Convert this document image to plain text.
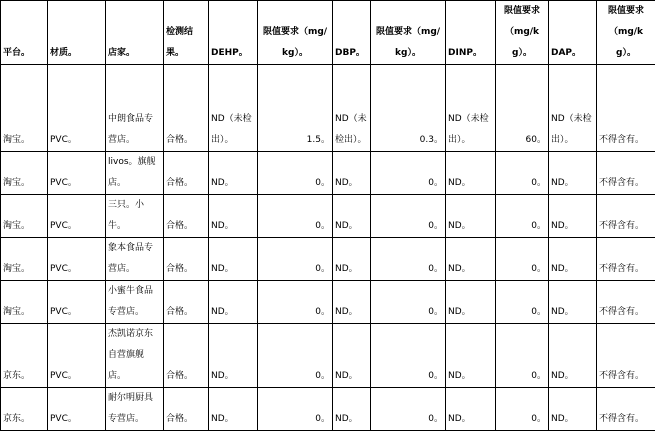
平台。	材质。	店家。	检测结果。	DEHP。	限值要求（mg/kg）。	DBP。	限值要求（mg/kg）。	DINP。	限值要求（mg/kg）。	DAP。	限值要求（mg/kg）。

淘宝。	PVC。	中朗食品专营店。	合格。	ND（未检出）。	1.5。	ND（未检出）。	0.3。	ND（未检出）。	60。	ND（未检出）。	不得含有。
淘宝。	PVC。	livos。旗舰店。	合格。	ND。	0。	ND。	0。	ND。	0。	ND。	不得含有。
淘宝。	PVC。	三只。小牛。	合格。	ND。	0。	ND。	0。	ND。	0。	ND。	不得含有。
淘宝。	PVC。	象本食品专营店。	合格。	ND。	0。	ND。	0。	ND。	0。	ND。	不得含有。
淘宝。	PVC。	小蜜牛食品专营店。	合格。	ND。	0。	ND。	0。	ND。	0。	ND。	不得含有。
京东。	PVC。	杰凯诺京东自营旗舰店。	合格。	ND。	0。	ND。	0。	ND。	0。	ND。	不得含有。
京东。	PVC。	耐尔明厨具专营店。	合格。	ND。	0。	ND。	0。	ND。	0。	ND。	不得含有。
